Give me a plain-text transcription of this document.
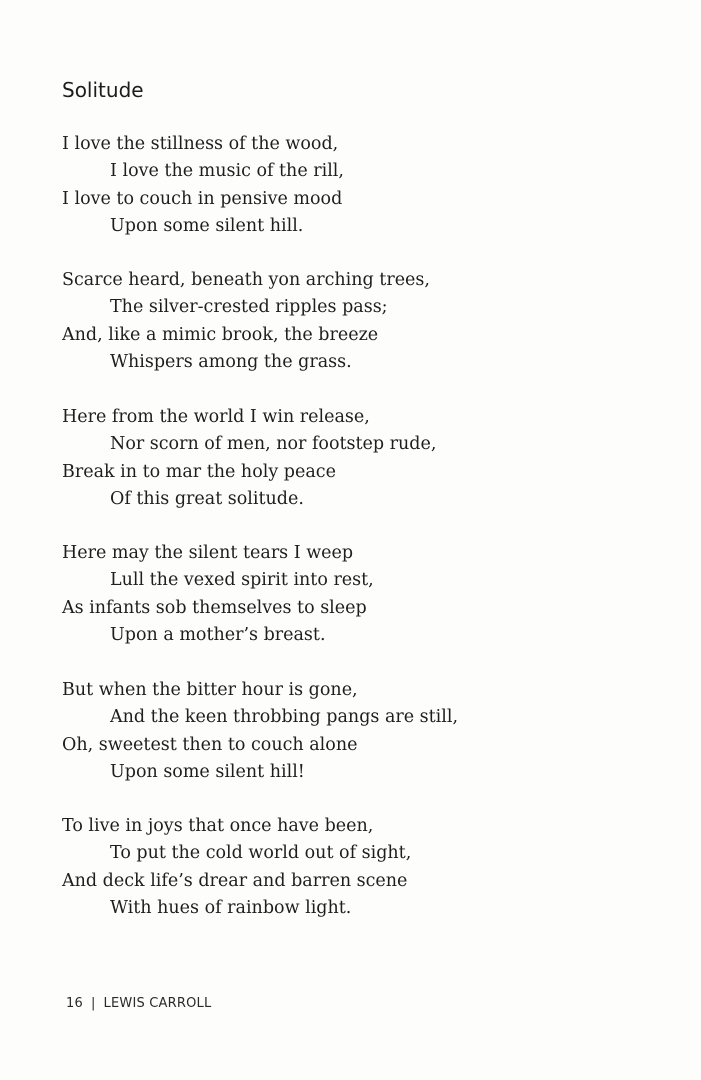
Solitude
I love the stillness of the wood,
I love the music of the rill,
I love to couch in pensive mood
Upon some silent hill.
Scarce heard, beneath yon arching trees,
The silver-crested ripples pass;
And, like a mimic brook, the breeze
Whispers among the grass.
Here from the world I win release,
Nor scorn of men, nor footstep rude,
Break in to mar the holy peace
Of this great solitude.
Here may the silent tears I weep
Lull the vexed spirit into rest,
As infants sob themselves to sleep
Upon a mother’s breast.
But when the bitter hour is gone,
And the keen throbbing pangs are still,
Oh, sweetest then to couch alone
Upon some silent hill!
To live in joys that once have been,
To put the cold world out of sight,
And deck life’s drear and barren scene
With hues of rainbow light.
16 | LEWIS CARROLL
